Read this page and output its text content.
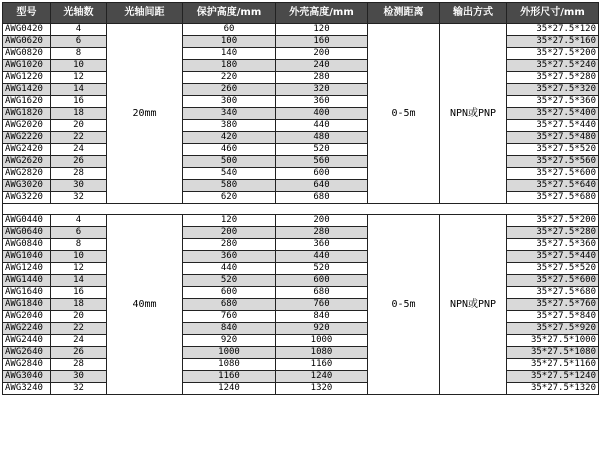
型号	光轴数	光轴间距	保护高度/mm	外壳高度/mm	检测距离	输出方式	外形尺寸/mm
AWG0420	4	20mm	60	120	0-5m	NPN或PNP	35*27.5*120
AWG0620	6		100	160			35*27.5*160
AWG0820	8		140	200			35*27.5*200
AWG1020	10		180	240			35*27.5*240
AWG1220	12		220	280			35*27.5*280
AWG1420	14		260	320			35*27.5*320
AWG1620	16		300	360			35*27.5*360
AWG1820	18		340	400			35*27.5*400
AWG2020	20		380	440			35*27.5*440
AWG2220	22		420	480			35*27.5*480
AWG2420	24		460	520			35*27.5*520
AWG2620	26		500	560			35*27.5*560
AWG2820	28		540	600			35*27.5*600
AWG3020	30		580	640			35*27.5*640
AWG3220	32		620	680			35*27.5*680

AWG0440	4	40mm	120	200	0-5m	NPN或PNP	35*27.5*200
AWG0640	6		200	280			35*27.5*280
AWG0840	8		280	360			35*27.5*360
AWG1040	10		360	440			35*27.5*440
AWG1240	12		440	520			35*27.5*520
AWG1440	14		520	600			35*27.5*600
AWG1640	16		600	680			35*27.5*680
AWG1840	18		680	760			35*27.5*760
AWG2040	20		760	840			35*27.5*840
AWG2240	22		840	920			35*27.5*920
AWG2440	24		920	1000			35*27.5*1000
AWG2640	26		1000	1080			35*27.5*1080
AWG2840	28		1080	1160			35*27.5*1160
AWG3040	30		1160	1240			35*27.5*1240
AWG3240	32		1240	1320			35*27.5*1320
